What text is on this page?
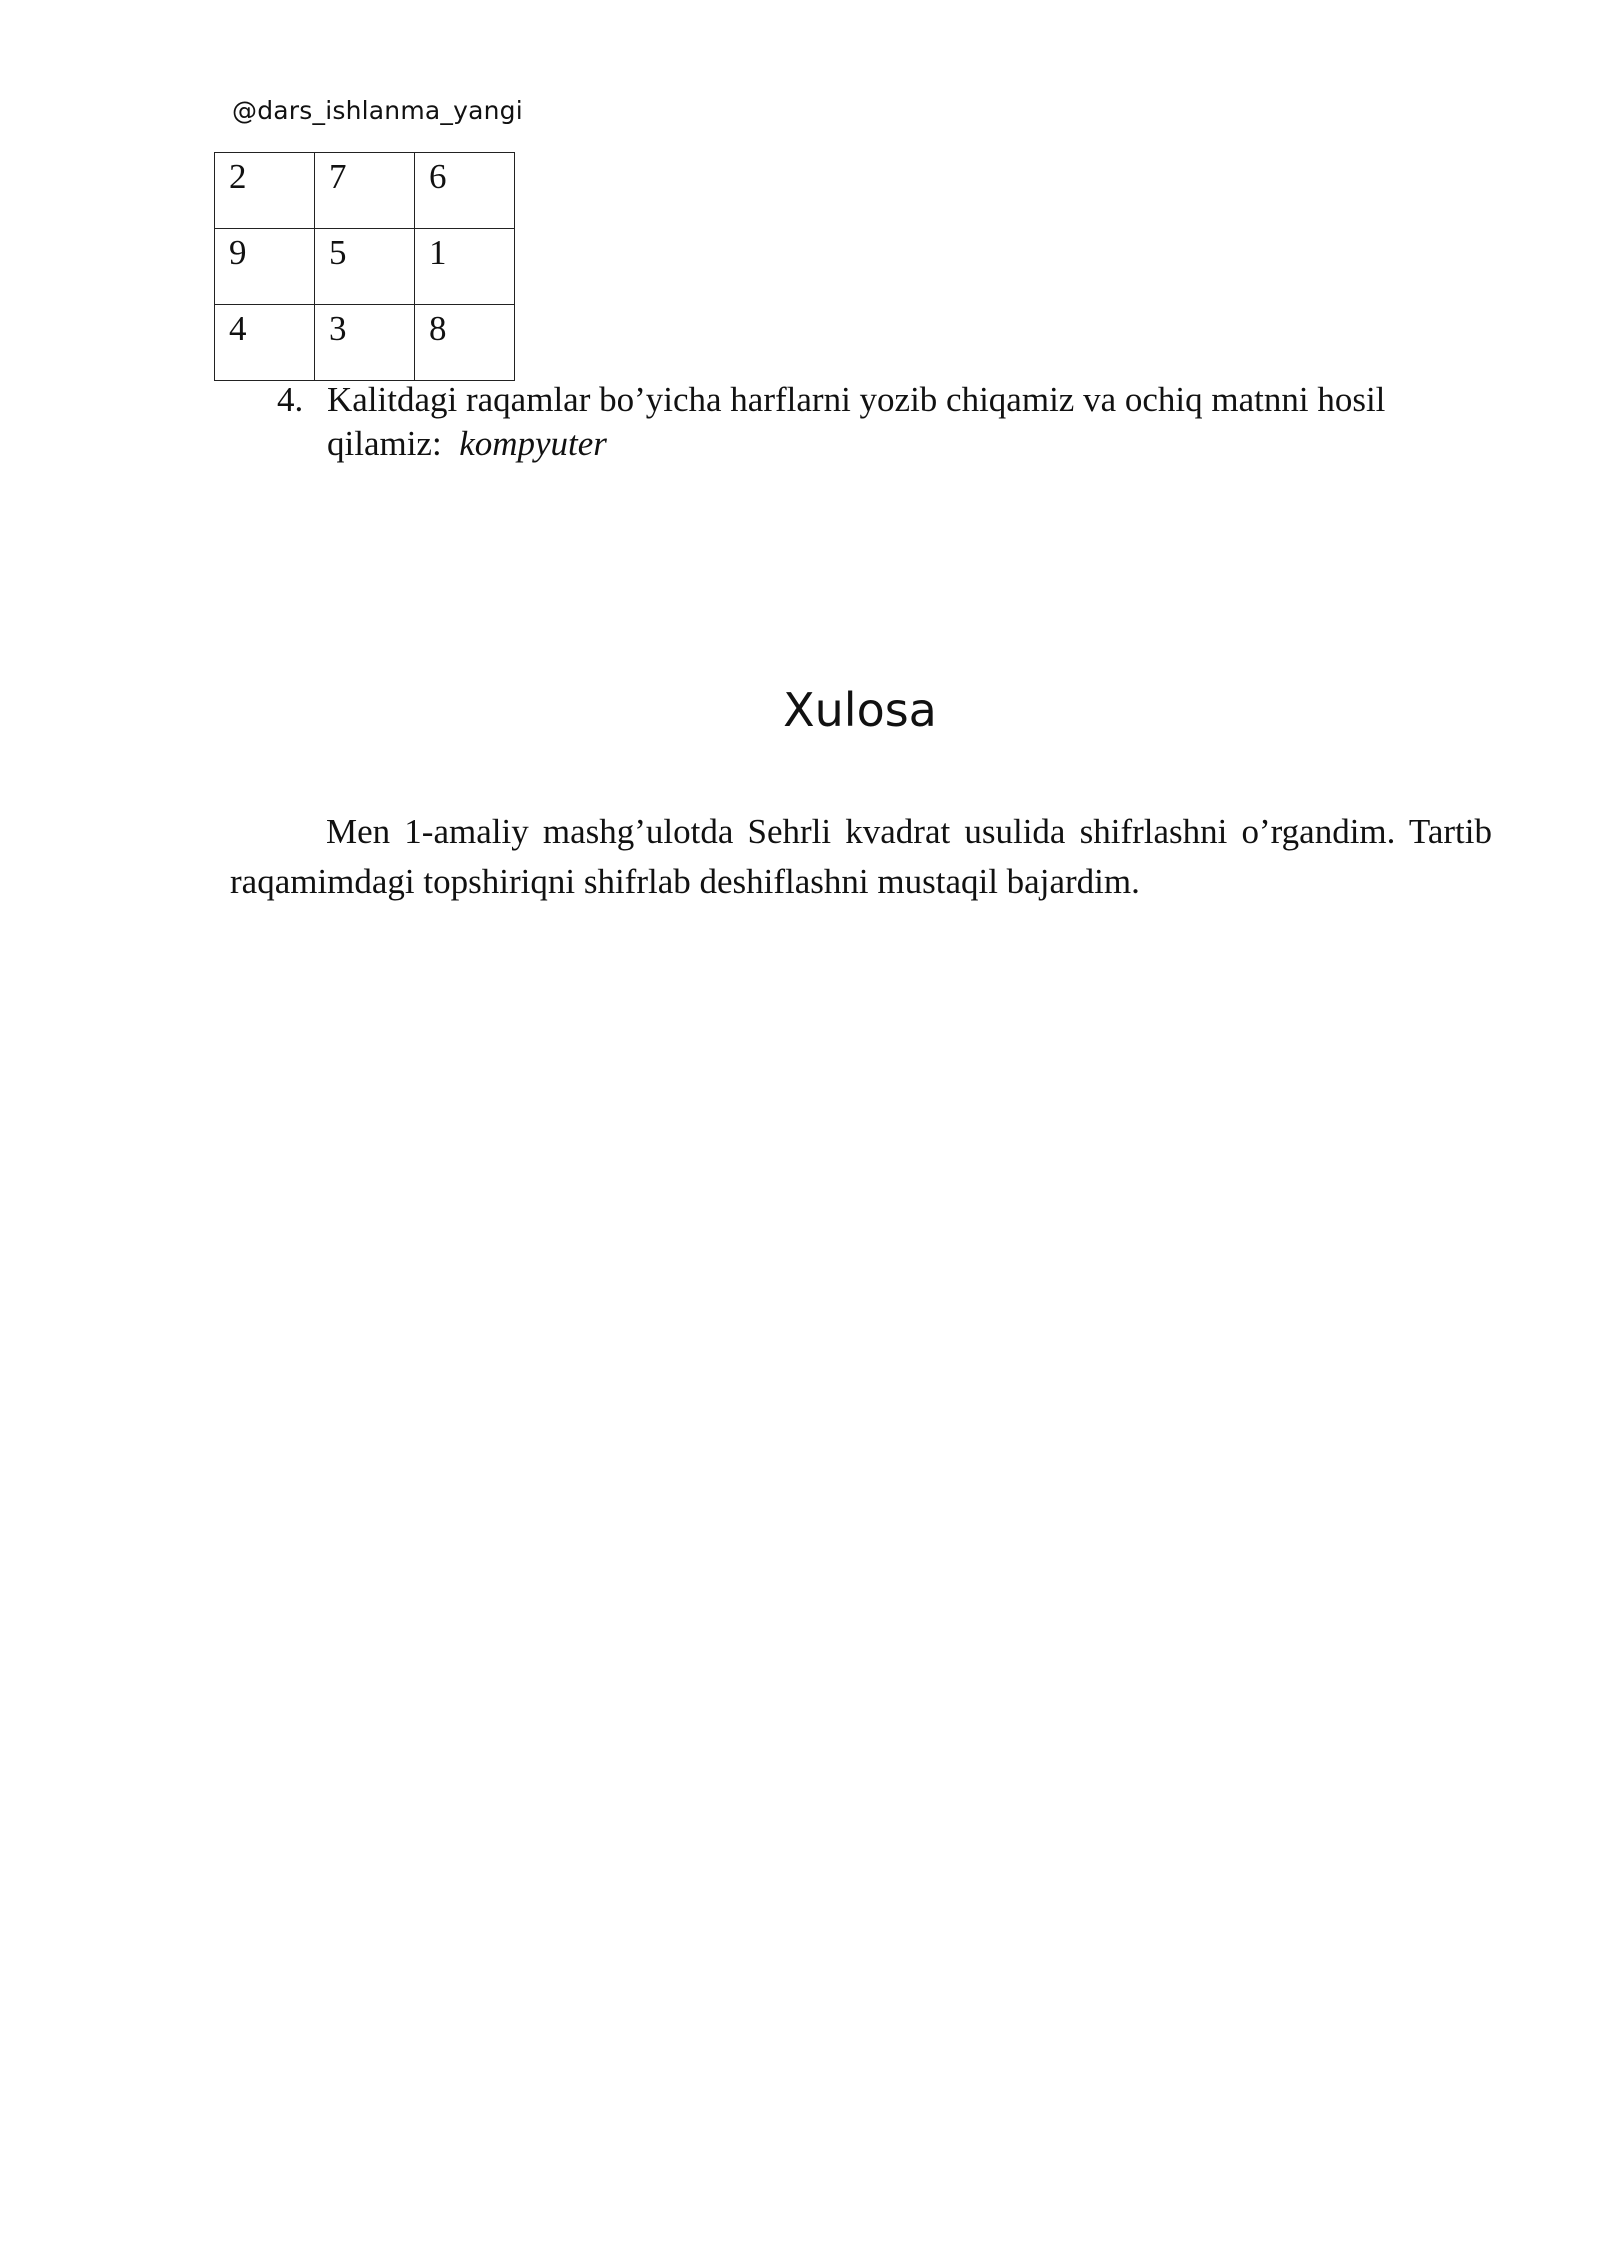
@dars_ishlanma_yangi
2	7	6
9	5	1
4	3	8
4. Kalitdagi raqamlar bo’yicha harflarni yozib chiqamiz va ochiq matnni hosil qilamiz: kompyuter
Xulosa

Men 1-amaliy mashg’ulotda Sehrli kvadrat usulida shifrlashni o’rgandim. Tartib raqamimdagi topshiriqni shifrlab deshiflashni mustaqil bajardim.
